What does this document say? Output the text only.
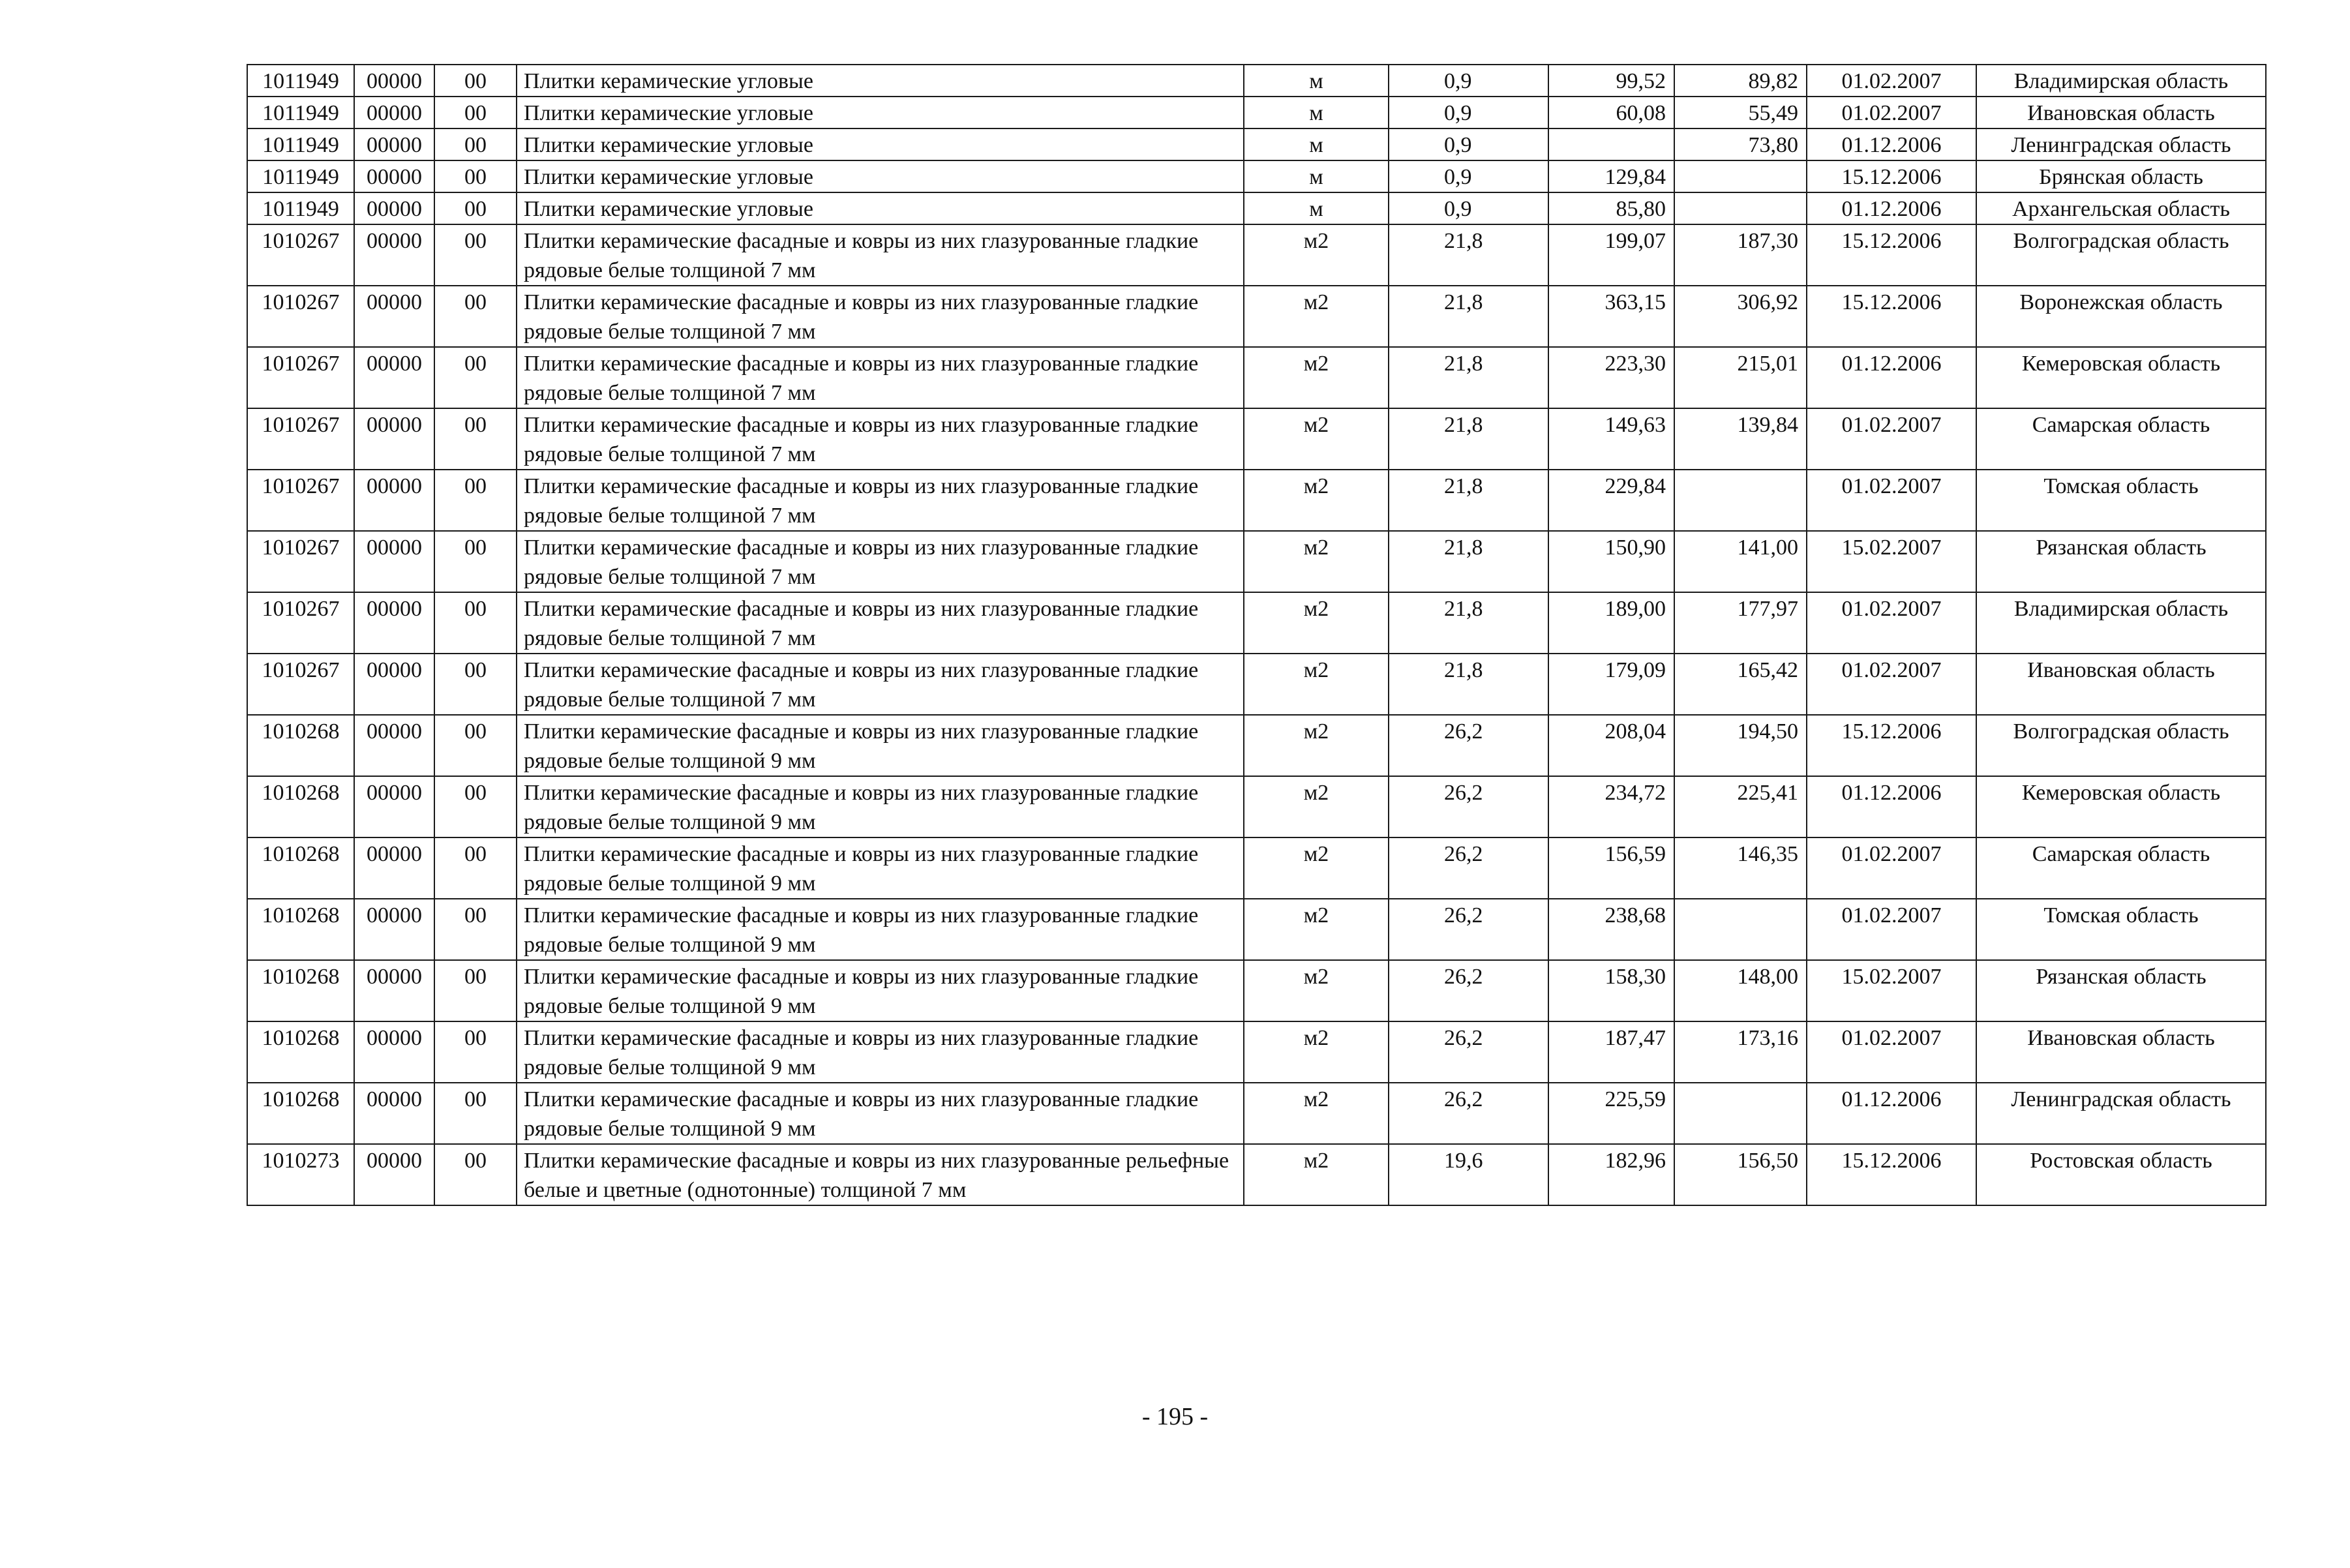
1011949	00000	00	Плитки керамические угловые	м	0,9	99,52	89,82	01.02.2007	Владимирская область
1011949	00000	00	Плитки керамические угловые	м	0,9	60,08	55,49	01.02.2007	Ивановская область
1011949	00000	00	Плитки керамические угловые	м	0,9		73,80	01.12.2006	Ленинградская область
1011949	00000	00	Плитки керамические угловые	м	0,9	129,84		15.12.2006	Брянская область
1011949	00000	00	Плитки керамические угловые	м	0,9	85,80		01.12.2006	Архангельская область
1010267	00000	00	Плитки керамические фасадные и ковры из них глазурованные гладкие рядовые белые толщиной 7 мм	м2	21,8	199,07	187,30	15.12.2006	Волгоградская область
1010267	00000	00	Плитки керамические фасадные и ковры из них глазурованные гладкие рядовые белые толщиной 7 мм	м2	21,8	363,15	306,92	15.12.2006	Воронежская область
1010267	00000	00	Плитки керамические фасадные и ковры из них глазурованные гладкие рядовые белые толщиной 7 мм	м2	21,8	223,30	215,01	01.12.2006	Кемеровская область
1010267	00000	00	Плитки керамические фасадные и ковры из них глазурованные гладкие рядовые белые толщиной 7 мм	м2	21,8	149,63	139,84	01.02.2007	Самарская область
1010267	00000	00	Плитки керамические фасадные и ковры из них глазурованные гладкие рядовые белые толщиной 7 мм	м2	21,8	229,84		01.02.2007	Томская область
1010267	00000	00	Плитки керамические фасадные и ковры из них глазурованные гладкие рядовые белые толщиной 7 мм	м2	21,8	150,90	141,00	15.02.2007	Рязанская область
1010267	00000	00	Плитки керамические фасадные и ковры из них глазурованные гладкие рядовые белые толщиной 7 мм	м2	21,8	189,00	177,97	01.02.2007	Владимирская область
1010267	00000	00	Плитки керамические фасадные и ковры из них глазурованные гладкие рядовые белые толщиной 7 мм	м2	21,8	179,09	165,42	01.02.2007	Ивановская область
1010268	00000	00	Плитки керамические фасадные и ковры из них глазурованные гладкие рядовые белые толщиной 9 мм	м2	26,2	208,04	194,50	15.12.2006	Волгоградская область
1010268	00000	00	Плитки керамические фасадные и ковры из них глазурованные гладкие рядовые белые толщиной 9 мм	м2	26,2	234,72	225,41	01.12.2006	Кемеровская область
1010268	00000	00	Плитки керамические фасадные и ковры из них глазурованные гладкие рядовые белые толщиной 9 мм	м2	26,2	156,59	146,35	01.02.2007	Самарская область
1010268	00000	00	Плитки керамические фасадные и ковры из них глазурованные гладкие рядовые белые толщиной 9 мм	м2	26,2	238,68		01.02.2007	Томская область
1010268	00000	00	Плитки керамические фасадные и ковры из них глазурованные гладкие рядовые белые толщиной 9 мм	м2	26,2	158,30	148,00	15.02.2007	Рязанская область
1010268	00000	00	Плитки керамические фасадные и ковры из них глазурованные гладкие рядовые белые толщиной 9 мм	м2	26,2	187,47	173,16	01.02.2007	Ивановская область
1010268	00000	00	Плитки керамические фасадные и ковры из них глазурованные гладкие рядовые белые толщиной 9 мм	м2	26,2	225,59		01.12.2006	Ленинградская область
1010273	00000	00	Плитки керамические фасадные и ковры из них глазурованные рельефные белые и цветные (однотонные) толщиной 7 мм	м2	19,6	182,96	156,50	15.12.2006	Ростовская область
- 195 -
